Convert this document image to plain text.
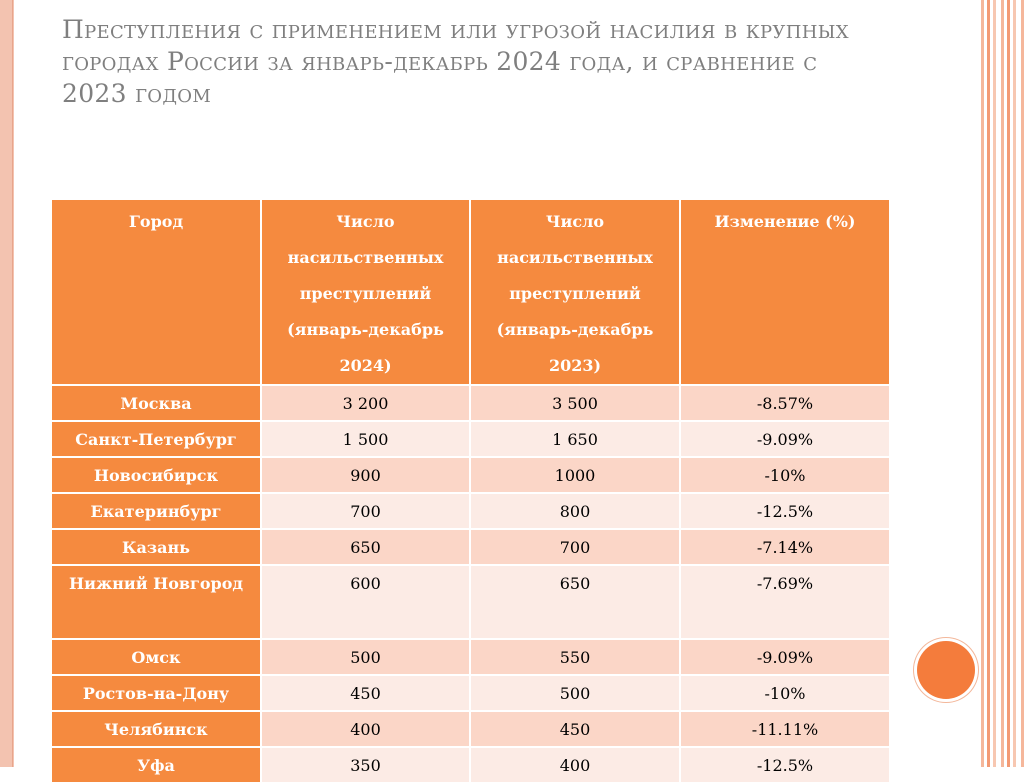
Преступления с применением или угрозой насилия в крупных городах России за январь-декабрь 2024 года, и сравнение с 2023 годом
Город	Число насильственных преступлений (январь-декабрь 2024)	Число насильственных преступлений (январь-декабрь 2023)	Изменение (%)
Москва	3 200	3 500	-8.57%
Санкт-Петербург	1 500	1 650	-9.09%
Новосибирск	900	1000	-10%
Екатеринбург	700	800	-12.5%
Казань	650	700	-7.14%
Нижний Новгород	600	650	-7.69%
Омск	500	550	-9.09%
Ростов-на-Дону	450	500	-10%
Челябинск	400	450	-11.11%
Уфа	350	400	-12.5%
